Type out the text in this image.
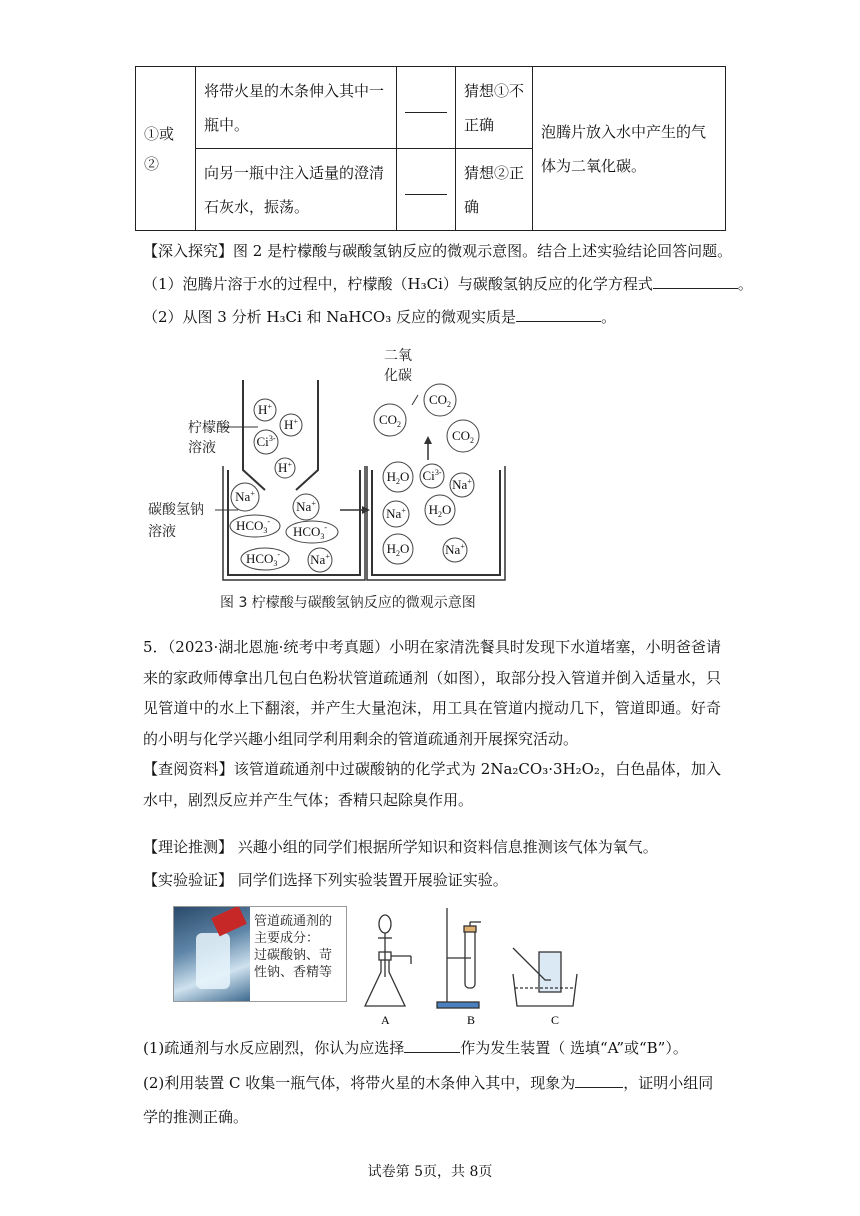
①或②	将带火星的木条伸入其中一瓶中。		猜想①不正确	泡腾片放入水中产生的气体为二氧化碳。
	向另一瓶中注入适量的澄清石灰水，振荡。		猜想②正确	
【深入探究】图 2 是柠檬酸与碳酸氢钠反应的微观示意图。结合上述实验结论回答问题。
（1）泡腾片溶于水的过程中，柠檬酸（H₃Ci）与碳酸氢钠反应的化学方程式	。
（2）从图 3 分析 H₃Ci 和 NaHCO₃ 反应的微观实质是	。
H+
H+
$Ci^{3-}$
H+
Na+
Na+
$HCO_3^-$
$HCO_3^-$
$HCO_3^-$ Na+
$CO_2$
$CO_2$
$CO_2$
$H_2O$ $Ci^{3-}$
Na+
Na+ $H_2O$
$H_2O$	Na+
柠檬酸
溶液
碳酸氢钠
溶液
二氧
化碳
图 3 柠檬酸与碳酸氢钠反应的微观示意图
5．（2023·湖北恩施·统考中考真题）小明在家清洗餐具时发现下水道堵塞，小明爸爸请来的家政师傅拿出几包白色粉状管道疏通剂（如图），取部分投入管道并倒入适量水，只见管道中的水上下翻滚，并产生大量泡沫，用工具在管道内搅动几下，管道即通。好奇的小明与化学兴趣小组同学利用剩余的管道疏通剂开展探究活动。
【查阅资料】该管道疏通剂中过碳酸钠的化学式为 2Na₂CO₃·3H₂O₂，白色晶体，加入水中，剧烈反应并产生气体；香精只起除臭作用。
【理论推测】 兴趣小组的同学们根据所学知识和资料信息推测该气体为氧气。
【实验验证】 同学们选择下列实验装置开展验证实验。
管道疏通剂的
主要成分：
过碳酸钠、苛
性钠、香精等
A	B	C
(1)疏通剂与水反应剧烈，你认为应选择	作为发生装置（ 选填“A”或“B”）。
(2)利用装置 C 收集一瓶气体，将带火星的木条伸入其中，现象为	，证明小组同
学的推测正确。
试卷第 5页，共 8页
